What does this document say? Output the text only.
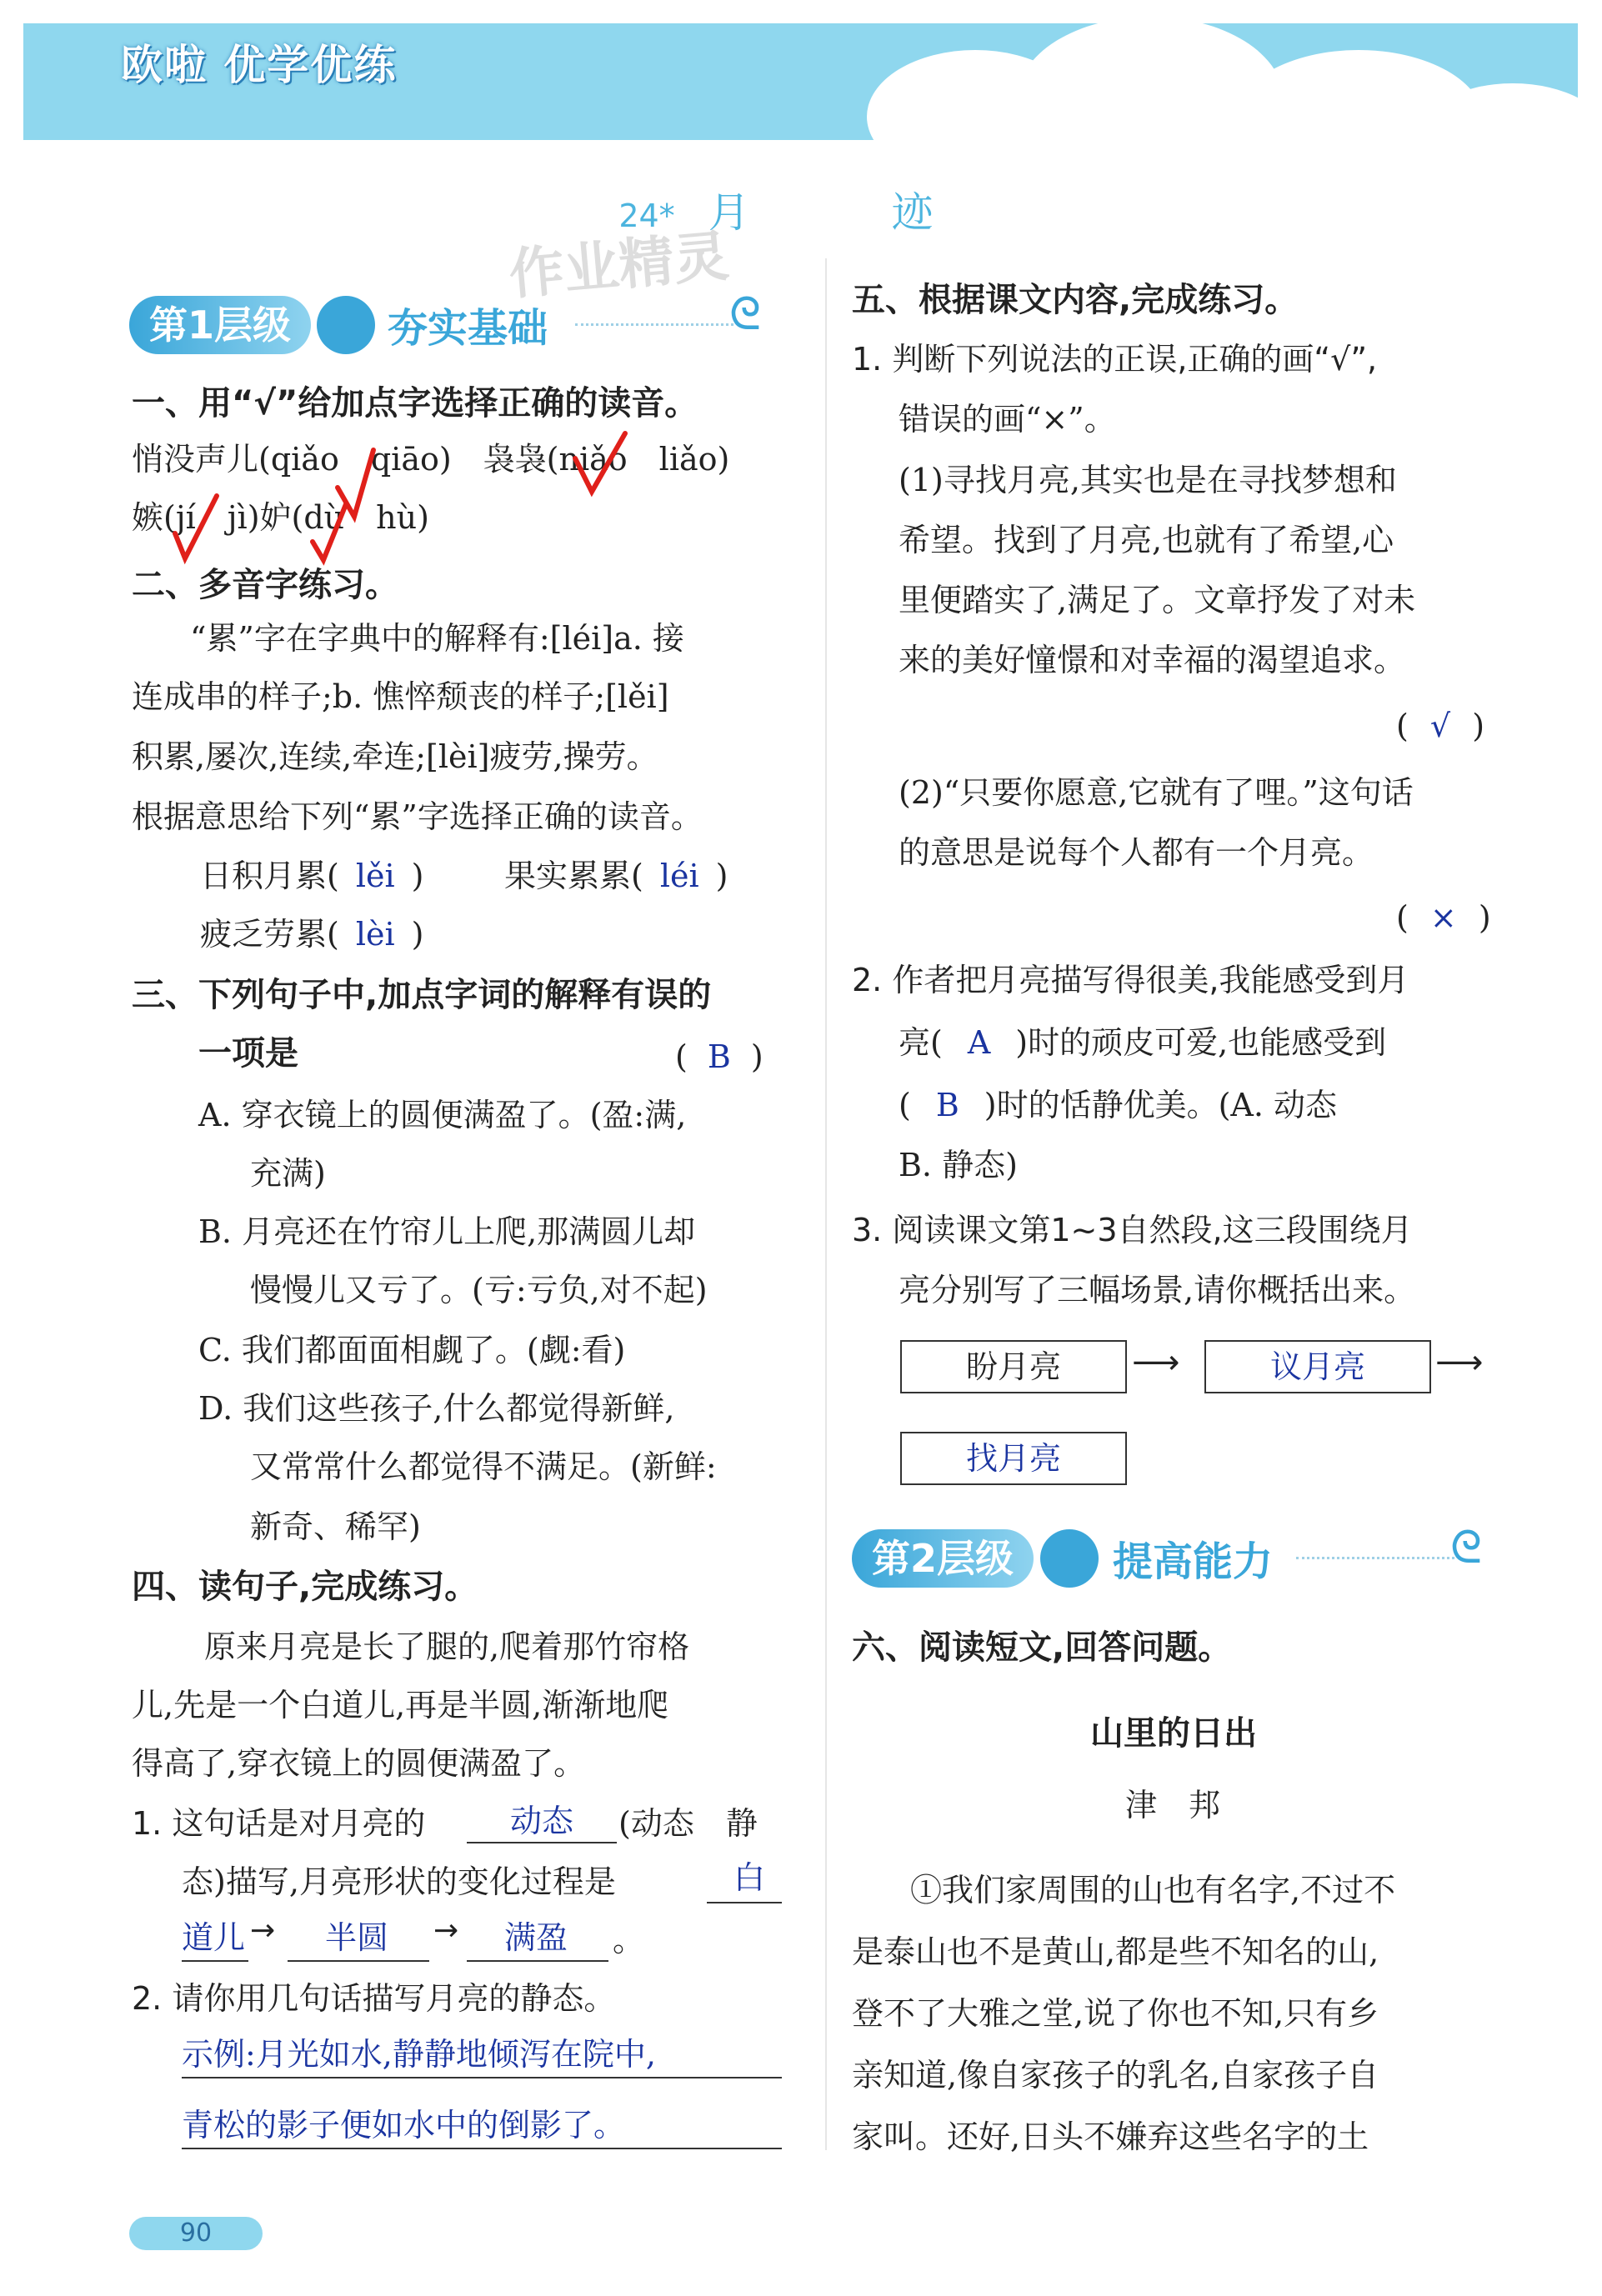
欧啦 优学优练
24* 月　迹
作业精灵
第1层级	夯实基础	ᘓ
一、用“√”给加点字选择正确的读音。
悄没声儿(qiǎo　qiāo)　袅袅(niǎo　liǎo)
嫉(jí　jì)妒(dù　hù)
二、多音字练习。
“累”字在字典中的解释有:[léi]a. 接
连成串的样子;b. 憔悴颓丧的样子;[lěi]
积累,屡次,连续,牵连;[lèi]疲劳,操劳。
根据意思给下列“累”字选择正确的读音。
日积月累( lěi )	果实累累( léi )
疲乏劳累( lèi )
三、下列句子中,加点字词的解释有误的
一项是	( B )
A. 穿衣镜上的圆便满盈了。(盈:满,
充满)
B. 月亮还在竹帘儿上爬,那满圆儿却
慢慢儿又亏了。(亏:亏负,对不起)
C. 我们都面面相觑了。(觑:看)
D. 我们这些孩子,什么都觉得新鲜,
又常常什么都觉得不满足。(新鲜:
新奇、稀罕)
四、读句子,完成练习。
原来月亮是长了腿的,爬着那竹帘格
儿,先是一个白道儿,再是半圆,渐渐地爬
得高了,穿衣镜上的圆便满盈了。
1. 这句话是对月亮的	动态 (动态　静
态)描写,月亮形状的变化过程是	白
道儿 → 半圆 → 满盈 。
2. 请你用几句话描写月亮的静态。
示例:月光如水,静静地倾泻在院中,
青松的影子便如水中的倒影了。
五、根据课文内容,完成练习。
1. 判断下列说法的正误,正确的画“√”,
错误的画“×”。
(1)寻找月亮,其实也是在寻找梦想和
希望。找到了月亮,也就有了希望,心
里便踏实了,满足了。文章抒发了对未
来的美好憧憬和对幸福的渴望追求。
( √ )
(2)“只要你愿意,它就有了哩。”这句话
的意思是说每个人都有一个月亮。
( × )
2. 作者把月亮描写得很美,我能感受到月
亮( A )时的顽皮可爱,也能感受到
( B )时的恬静优美。(A. 动态
B. 静态)
3. 阅读课文第1~3自然段,这三段围绕月
亮分别写了三幅场景,请你概括出来。
盼月亮	⟶	议月亮	⟶
找月亮
第2层级	提高能力	ᘓ
六、阅读短文,回答问题。
山里的日出
津　邦
①我们家周围的山也有名字,不过不
是泰山也不是黄山,都是些不知名的山,
登不了大雅之堂,说了你也不知,只有乡
亲知道,像自家孩子的乳名,自家孩子自
家叫。还好,日头不嫌弃这些名字的土
90
